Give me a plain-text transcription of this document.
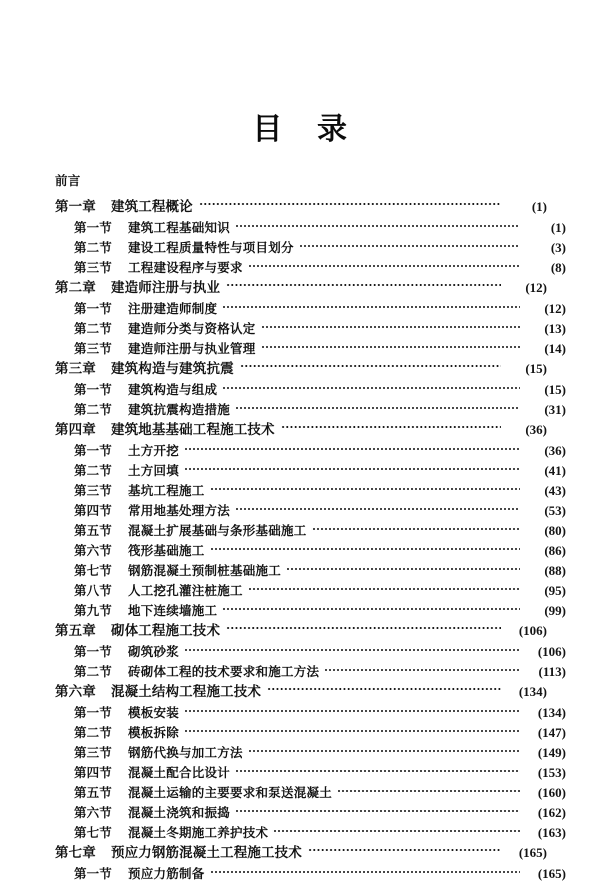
目 录
前言
第一章	建筑工程概论	(1)
第一节	建筑工程基础知识	(1)
第二节	建设工程质量特性与项目划分	(3)
第三节	工程建设程序与要求	(8)
第二章	建造师注册与执业	(12)
第一节	注册建造师制度	(12)
第二节	建造师分类与资格认定	(13)
第三节	建造师注册与执业管理	(14)
第三章	建筑构造与建筑抗震	(15)
第一节	建筑构造与组成	(15)
第二节	建筑抗震构造措施	(31)
第四章	建筑地基基础工程施工技术	(36)
第一节	土方开挖	(36)
第二节	土方回填	(41)
第三节	基坑工程施工	(43)
第四节	常用地基处理方法	(53)
第五节	混凝土扩展基础与条形基础施工	(80)
第六节	筏形基础施工	(86)
第七节	钢筋混凝土预制桩基础施工	(88)
第八节	人工挖孔灌注桩施工	(95)
第九节	地下连续墙施工	(99)
第五章	砌体工程施工技术	(106)
第一节	砌筑砂浆	(106)
第二节	砖砌体工程的技术要求和施工方法	(113)
第六章	混凝土结构工程施工技术	(134)
第一节	模板安装	(134)
第二节	模板拆除	(147)
第三节	钢筋代换与加工方法	(149)
第四节	混凝土配合比设计	(153)
第五节	混凝土运输的主要要求和泵送混凝土	(160)
第六节	混凝土浇筑和振捣	(162)
第七节	混凝土冬期施工养护技术	(163)
第七章	预应力钢筋混凝土工程施工技术	(165)
第一节	预应力筋制备	(165)
